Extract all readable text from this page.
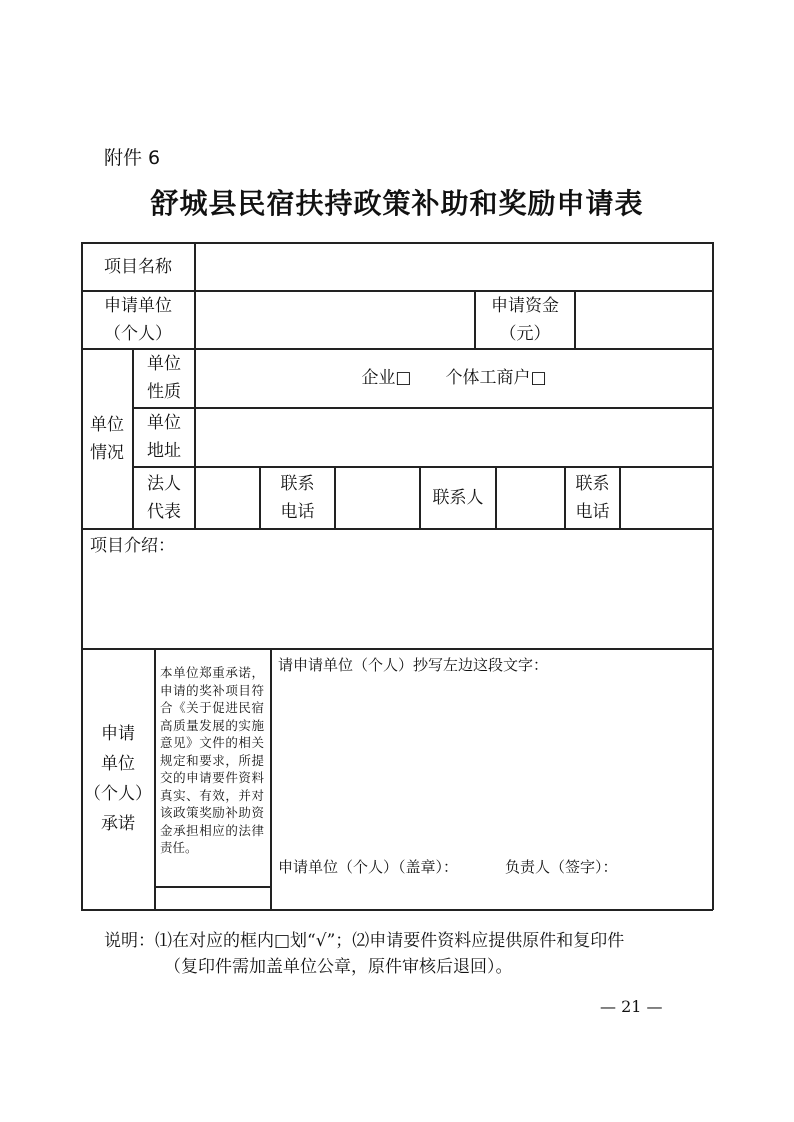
附件 6
舒城县民宿扶持政策补助和奖励申请表
项目名称
申请单位
（个人）
申请资金
（元）
单位
情况
单位
性质
企业□　　个体工商户□
单位
地址
法人
代表
联系
电话
联系人
联系
电话
项目介绍：
申请
单位
（个人）
承诺
本单位郑重承诺，申请的奖补项目符合《关于促进民宿高质量发展的实施意见》文件的相关规定和要求，所提交的申请要件资料真实、有效，并对该政策奖励补助资金承担相应的法律责任。
请申请单位（个人）抄写左边这段文字：
申请单位（个人）（盖章）：	负责人（签字）：
说明：⑴在对应的框内□划“√”；⑵申请要件资料应提供原件和复印件
（复印件需加盖单位公章，原件审核后退回）。
— 21 —
